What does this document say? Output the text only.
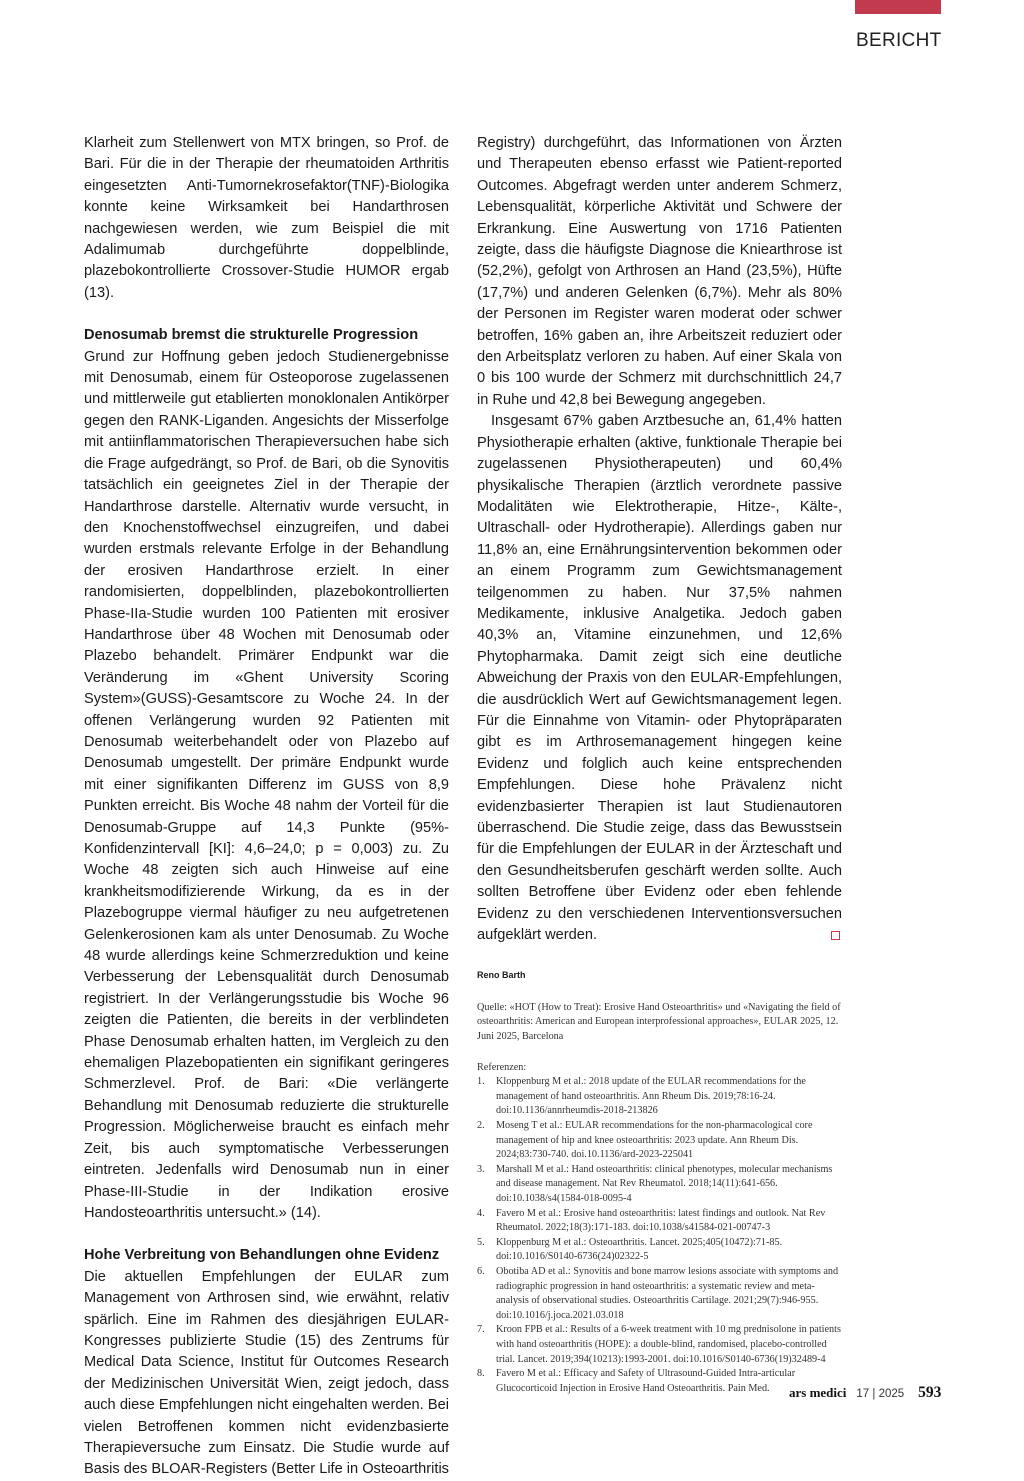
BERICHT

Klarheit zum Stellenwert von MTX bringen, so Prof. de Bari. Für die in der Therapie der rheumatoiden Arthritis eingesetzten Anti-Tumornekrosefaktor(TNF)-Biologika konnte keine Wirksamkeit bei Handarthrosen nachgewiesen werden, wie zum Beispiel die mit Adalimumab durchgeführte doppelblinde, plazebokontrollierte Crossover-Studie HUMOR ergab (13).

Denosumab bremst die strukturelle Progression

Grund zur Hoffnung geben jedoch Studienergebnisse mit Denosumab, einem für Osteoporose zugelassenen und mittlerweile gut etablierten monoklonalen Antikörper gegen den RANK-Liganden. Angesichts der Misserfolge mit antiinflammatorischen Therapieversuchen habe sich die Frage aufgedrängt, so Prof. de Bari, ob die Synovitis tatsächlich ein geeignetes Ziel in der Therapie der Handarthrose darstelle. Alternativ wurde versucht, in den Knochenstoffwechsel einzugreifen, und dabei wurden erstmals relevante Erfolge in der Behandlung der erosiven Handarthrose erzielt. In einer randomisierten, doppelblinden, plazebokontrollierten Phase-IIa-Studie wurden 100 Patienten mit erosiver Handarthrose über 48 Wochen mit Denosumab oder Plazebo behandelt. Primärer Endpunkt war die Veränderung im «Ghent University Scoring System»(GUSS)-Gesamtscore zu Woche 24. In der offenen Verlängerung wurden 92 Patienten mit Denosumab weiterbehandelt oder von Plazebo auf Denosumab umgestellt. Der primäre Endpunkt wurde mit einer signifikanten Differenz im GUSS von 8,9 Punkten erreicht. Bis Woche 48 nahm der Vorteil für die Denosumab-Gruppe auf 14,3 Punkte (95%-Konfidenzintervall [KI]: 4,6–24,0; p = 0,003) zu. Zu Woche 48 zeigten sich auch Hinweise auf eine krankheitsmodifizierende Wirkung, da es in der Plazebogruppe viermal häufiger zu neu aufgetretenen Gelenkerosionen kam als unter Denosumab. Zu Woche 48 wurde allerdings keine Schmerzreduktion und keine Verbesserung der Lebensqualität durch Denosumab registriert. In der Verlängerungsstudie bis Woche 96 zeigten die Patienten, die bereits in der verblindeten Phase Denosumab erhalten hatten, im Vergleich zu den ehemaligen Plazebopatienten ein signifikant geringeres Schmerzlevel. Prof. de Bari: «Die verlängerte Behandlung mit Denosumab reduzierte die strukturelle Progression. Möglicherweise braucht es einfach mehr Zeit, bis auch symptomatische Verbesserungen eintreten. Jedenfalls wird Denosumab nun in einer Phase-III-Studie in der Indikation erosive Handosteoarthritis untersucht.» (14).

Hohe Verbreitung von Behandlungen ohne Evidenz

Die aktuellen Empfehlungen der EULAR zum Management von Arthrosen sind, wie erwähnt, relativ spärlich. Eine im Rahmen des diesjährigen EULAR-Kongresses publizierte Studie (15) des Zentrums für Medical Data Science, Institut für Outcomes Research der Medizinischen Universität Wien, zeigt jedoch, dass auch diese Empfehlungen nicht eingehalten werden. Bei vielen Betroffenen kommen nicht evidenzbasierte Therapieversuche zum Einsatz. Die Studie wurde auf Basis des BLOAR-Registers (Better Life in Osteoarthritis

Registry) durchgeführt, das Informationen von Ärzten und Therapeuten ebenso erfasst wie Patient-reported Outcomes. Abgefragt werden unter anderem Schmerz, Lebensqualität, körperliche Aktivität und Schwere der Erkrankung. Eine Auswertung von 1716 Patienten zeigte, dass die häufigste Diagnose die Kniearthrose ist (52,2%), gefolgt von Arthrosen an Hand (23,5%), Hüfte (17,7%) und anderen Gelenken (6,7%). Mehr als 80% der Personen im Register waren moderat oder schwer betroffen, 16% gaben an, ihre Arbeitszeit reduziert oder den Arbeitsplatz verloren zu haben. Auf einer Skala von 0 bis 100 wurde der Schmerz mit durchschnittlich 24,7 in Ruhe und 42,8 bei Bewegung angegeben.

Insgesamt 67% gaben Arztbesuche an, 61,4% hatten Physiotherapie erhalten (aktive, funktionale Therapie bei zugelassenen Physiotherapeuten) und 60,4% physikalische Therapien (ärztlich verordnete passive Modalitäten wie Elektrotherapie, Hitze-, Kälte-, Ultraschall- oder Hydrotherapie). Allerdings gaben nur 11,8% an, eine Ernährungsintervention bekommen oder an einem Programm zum Gewichtsmanagement teilgenommen zu haben. Nur 37,5% nahmen Medikamente, inklusive Analgetika. Jedoch gaben 40,3% an, Vitamine einzunehmen, und 12,6% Phytopharmaka. Damit zeigt sich eine deutliche Abweichung der Praxis von den EULAR-Empfehlungen, die ausdrücklich Wert auf Gewichtsmanagement legen. Für die Einnahme von Vitamin- oder Phytopräparaten gibt es im Arthrosemanagement hingegen keine Evidenz und folglich auch keine entsprechenden Empfehlungen. Diese hohe Prävalenz nicht evidenzbasierter Therapien ist laut Studienautoren überraschend. Die Studie zeige, dass das Bewusstsein für die Empfehlungen der EULAR in der Ärzteschaft und den Gesundheitsberufen geschärft werden sollte. Auch sollten Betroffene über Evidenz oder eben fehlende Evidenz zu den verschiedenen Interventionsversuchen aufgeklärt werden.

Reno Barth
Quelle: «HOT (How to Treat): Erosive Hand Osteoarthritis» und «Navigating the field of osteoarthritis: American and European interprofessional approaches», EULAR 2025, 12. Juni 2025, Barcelona
Referenzen:
1. Kloppenburg M et al.: 2018 update of the EULAR recommendations for the management of hand osteoarthritis. Ann Rheum Dis. 2019;78:16-24. doi:10.1136/annrheumdis-2018-213826
2. Moseng T et al.: EULAR recommendations for the non-pharmacological core management of hip and knee osteoarthritis: 2023 update. Ann Rheum Dis. 2024;83:730-740. doi.10.1136/ard-2023-225041
3. Marshall M et al.: Hand osteoarthritis: clinical phenotypes, molecular mechanisms and disease management. Nat Rev Rheumatol. 2018;14(11):641-656. doi:10.1038/s4(1584-018-0095-4
4. Favero M et al.: Erosive hand osteoarthritis: latest findings and outlook. Nat Rev Rheumatol. 2022;18(3):171-183. doi:10.1038/s41584-021-00747-3
5. Kloppenburg M et al.: Osteoarthritis. Lancet. 2025;405(10472):71-85. doi:10.1016/S0140-6736(24)02322-5
6. Obotiba AD et al.: Synovitis and bone marrow lesions associate with symptoms and radiographic progression in hand osteoarthritis: a systematic review and meta-analysis of observational studies. Osteoarthritis Cartilage. 2021;29(7):946-955. doi:10.1016/j.joca.2021.03.018
7. Kroon FPB et al.: Results of a 6-week treatment with 10 mg prednisolone in patients with hand osteoarthritis (HOPE): a double-blind, randomised, placebo-controlled trial. Lancet. 2019;394(10213):1993-2001. doi:10.1016/S0140-6736(19)32489-4
8. Favero M et al.: Efficacy and Safety of Ultrasound-Guided Intra-articular Glucocorticoid Injection in Erosive Hand Osteoarthritis. Pain Med.	ars medici 17 | 2025 593
